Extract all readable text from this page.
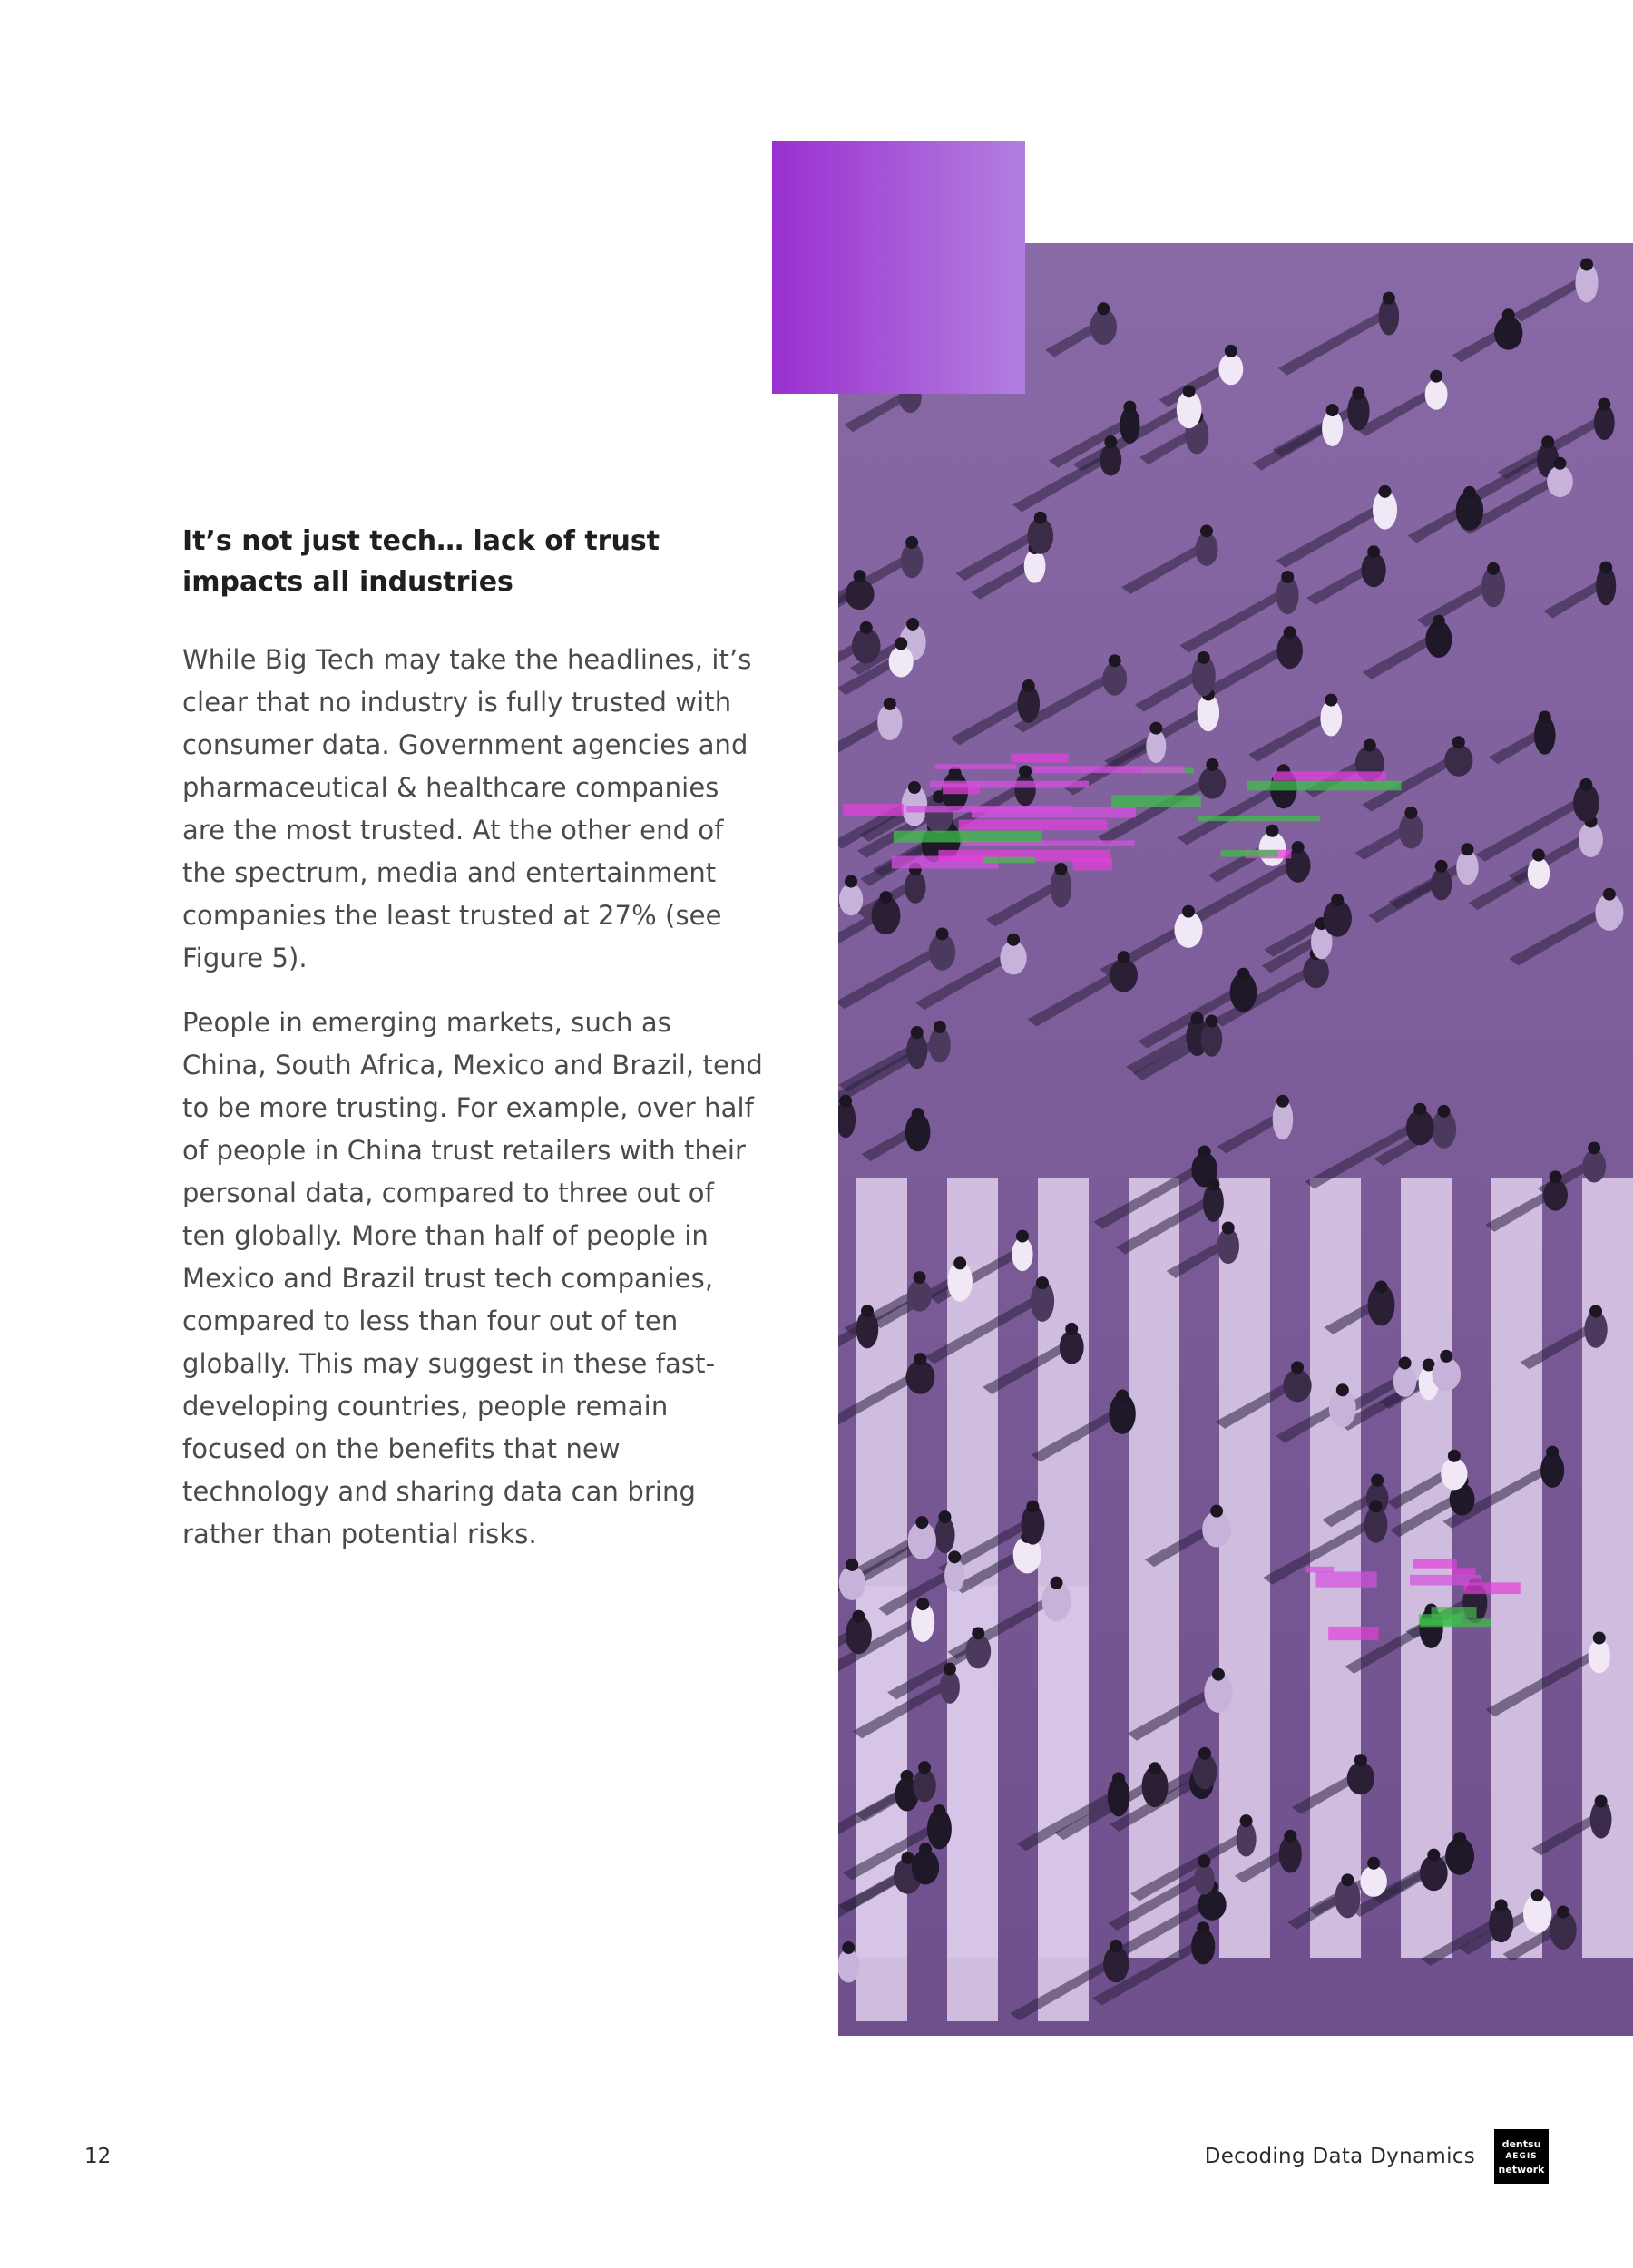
It’s not just tech… lack of trust impacts all industries

While Big Tech may take the headlines, it’s clear that no industry is fully trusted with consumer data. Government agencies and pharmaceutical & healthcare companies are the most trusted. At the other end of the spectrum, media and entertainment companies the least trusted at 27% (see Figure 5).

People in emerging markets, such as China, South Africa, Mexico and Brazil, tend to be more trusting. For example, over half of people in China trust retailers with their personal data, compared to three out of ten globally. More than half of people in Mexico and Brazil trust tech companies, compared to less than four out of ten globally. This may suggest in these fast-developing countries, people remain focused on the benefits that new technology and sharing data can bring rather than potential risks.

12	Decoding Data Dynamics
dentsu
AEGIS
network
